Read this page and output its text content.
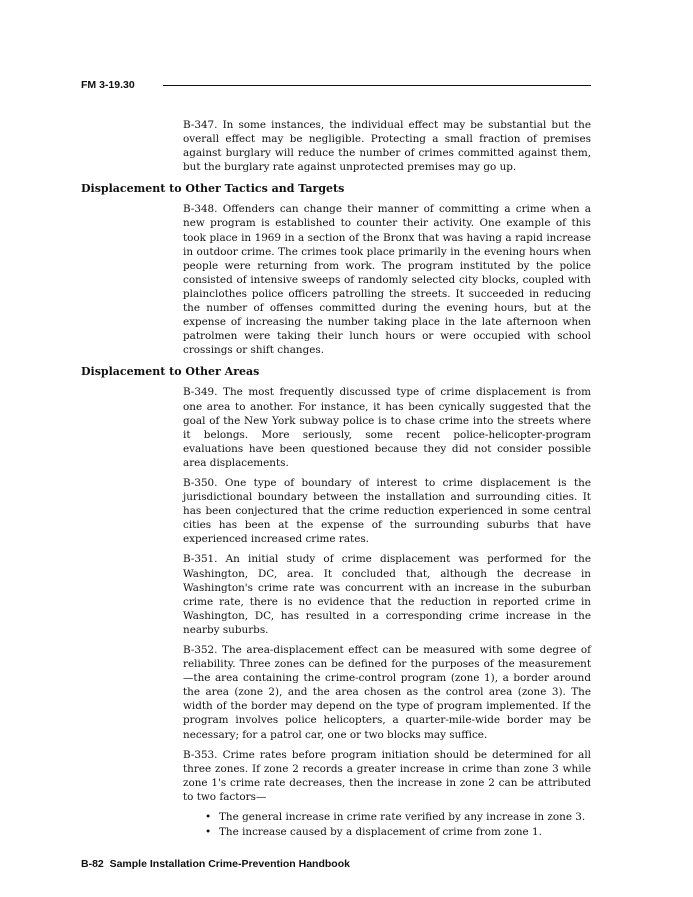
FM 3-19.30

B-347. In some instances, the individual effect may be substantial but the overall effect may be negligible. Protecting a small fraction of premises against burglary will reduce the number of crimes committed against them, but the burglary rate against unprotected premises may go up.

Displacement to Other Tactics and Targets

B-348. Offenders can change their manner of committing a crime when a new program is established to counter their activity. One example of this took place in 1969 in a section of the Bronx that was having a rapid increase in outdoor crime. The crimes took place primarily in the evening hours when people were returning from work. The program instituted by the police consisted of intensive sweeps of randomly selected city blocks, coupled with plainclothes police officers patrolling the streets. It succeeded in reducing the number of offenses committed during the evening hours, but at the expense of increasing the number taking place in the late afternoon when patrolmen were taking their lunch hours or were occupied with school crossings or shift changes.

Displacement to Other Areas

B-349. The most frequently discussed type of crime displacement is from one area to another. For instance, it has been cynically suggested that the goal of the New York subway police is to chase crime into the streets where it belongs. More seriously, some recent police-helicopter-program evaluations have been questioned because they did not consider possible area displacements.

B-350. One type of boundary of interest to crime displacement is the jurisdictional boundary between the installation and surrounding cities. It has been conjectured that the crime reduction experienced in some central cities has been at the expense of the surrounding suburbs that have experienced increased crime rates.

B-351. An initial study of crime displacement was performed for the Washington, DC, area. It concluded that, although the decrease in Washington's crime rate was concurrent with an increase in the suburban crime rate, there is no evidence that the reduction in reported crime in Washington, DC, has resulted in a corresponding crime increase in the nearby suburbs.

B-352. The area-displacement effect can be measured with some degree of reliability. Three zones can be defined for the purposes of the measurement—the area containing the crime-control program (zone 1), a border around the area (zone 2), and the area chosen as the control area (zone 3). The width of the border may depend on the type of program implemented. If the program involves police helicopters, a quarter-mile-wide border may be necessary; for a patrol car, one or two blocks may suffice.

B-353. Crime rates before program initiation should be determined for all three zones. If zone 2 records a greater increase in crime than zone 3 while zone 1's crime rate decreases, then the increase in zone 2 can be attributed to two factors—

• The general increase in crime rate verified by any increase in zone 3.
• The increase caused by a displacement of crime from zone 1.
B-82  Sample Installation Crime-Prevention Handbook
